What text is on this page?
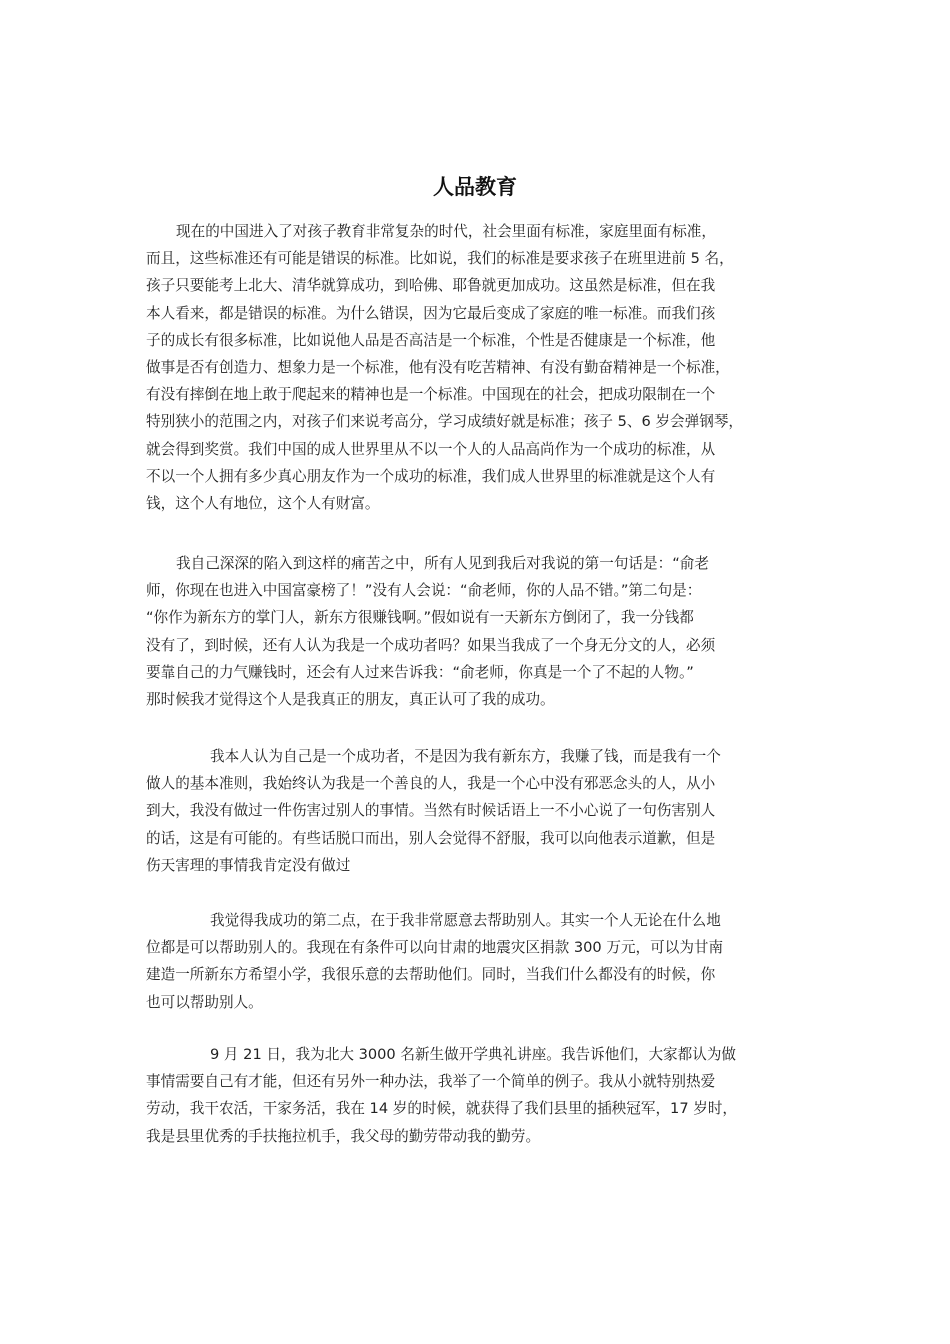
人品教育
现在的中国进入了对孩子教育非常复杂的时代，社会里面有标准，家庭里面有标准，
而且，这些标准还有可能是错误的标准。比如说，我们的标准是要求孩子在班里进前 5 名，
孩子只要能考上北大、清华就算成功，到哈佛、耶鲁就更加成功。这虽然是标准，但在我
本人看来，都是错误的标准。为什么错误，因为它最后变成了家庭的唯一标准。而我们孩
子的成长有很多标准，比如说他人品是否高洁是一个标准，个性是否健康是一个标准，他
做事是否有创造力、想象力是一个标准，他有没有吃苦精神、有没有勤奋精神是一个标准，
有没有摔倒在地上敢于爬起来的精神也是一个标准。中国现在的社会，把成功限制在一个
特别狭小的范围之内，对孩子们来说考高分，学习成绩好就是标准；孩子 5、6 岁会弹钢琴，
就会得到奖赏。我们中国的成人世界里从不以一个人的人品高尚作为一个成功的标准，从
不以一个人拥有多少真心朋友作为一个成功的标准，我们成人世界里的标准就是这个人有
钱，这个人有地位，这个人有财富。
我自己深深的陷入到这样的痛苦之中，所有人见到我后对我说的第一句话是：“俞老
师，你现在也进入中国富豪榜了！”没有人会说：“俞老师，你的人品不错。”第二句是：
“你作为新东方的掌门人，新东方很赚钱啊。”假如说有一天新东方倒闭了，我一分钱都
没有了，到时候，还有人认为我是一个成功者吗？如果当我成了一个身无分文的人，必须
要靠自己的力气赚钱时，还会有人过来告诉我：“俞老师，你真是一个了不起的人物。”
那时候我才觉得这个人是我真正的朋友，真正认可了我的成功。
我本人认为自己是一个成功者，不是因为我有新东方，我赚了钱，而是我有一个
做人的基本准则，我始终认为我是一个善良的人，我是一个心中没有邪恶念头的人，从小
到大，我没有做过一件伤害过别人的事情。当然有时候话语上一不小心说了一句伤害别人
的话，这是有可能的。有些话脱口而出，别人会觉得不舒服，我可以向他表示道歉，但是
伤天害理的事情我肯定没有做过
我觉得我成功的第二点，在于我非常愿意去帮助别人。其实一个人无论在什么地
位都是可以帮助别人的。我现在有条件可以向甘肃的地震灾区捐款 300 万元，可以为甘南
建造一所新东方希望小学，我很乐意的去帮助他们。同时，当我们什么都没有的时候，你
也可以帮助别人。
9 月 21 日，我为北大 3000 名新生做开学典礼讲座。我告诉他们，大家都认为做
事情需要自己有才能，但还有另外一种办法，我举了一个简单的例子。我从小就特别热爱
劳动，我干农活，干家务活，我在 14 岁的时候，就获得了我们县里的插秧冠军，17 岁时，
我是县里优秀的手扶拖拉机手，我父母的勤劳带动我的勤劳。
